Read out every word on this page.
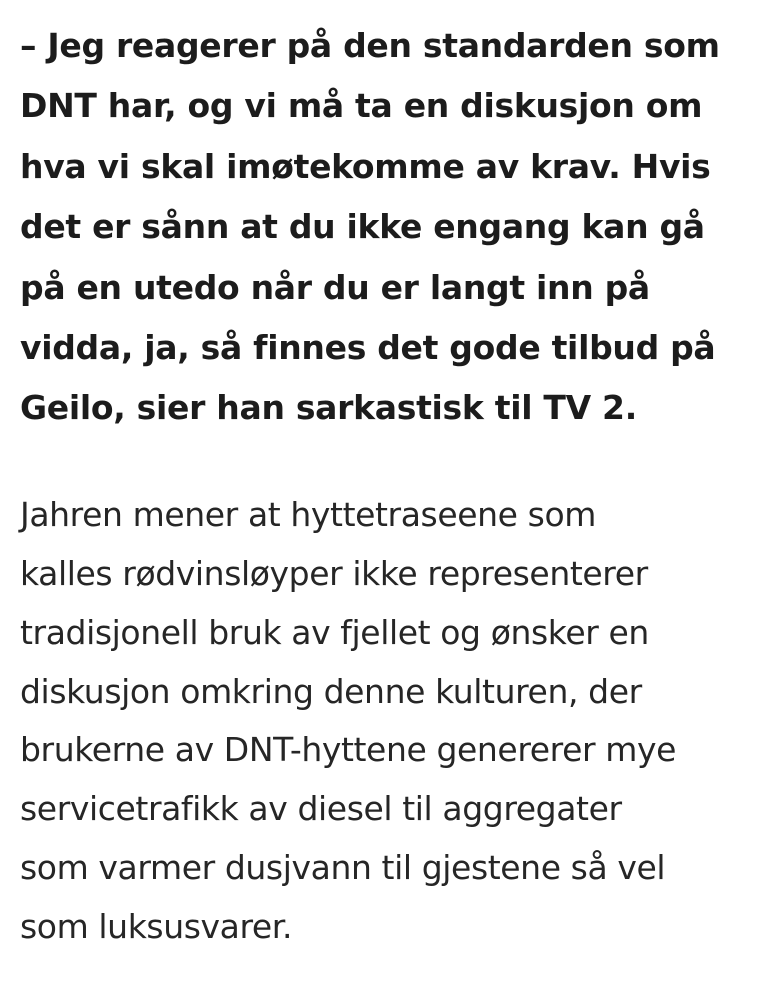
– Jeg reagerer på den standarden som
DNT har, og vi må ta en diskusjon om
hva vi skal imøtekomme av krav. Hvis
det er sånn at du ikke engang kan gå
på en utedo når du er langt inn på
vidda, ja, så finnes det gode tilbud på
Geilo, sier han sarkastisk til TV 2.

Jahren mener at hyttetraseene som
kalles rødvinsløyper ikke representerer
tradisjonell bruk av fjellet og ønsker en
diskusjon omkring denne kulturen, der
brukerne av DNT-hyttene genererer mye
servicetrafikk av diesel til aggregater
som varmer dusjvann til gjestene så vel
som luksusvarer.
